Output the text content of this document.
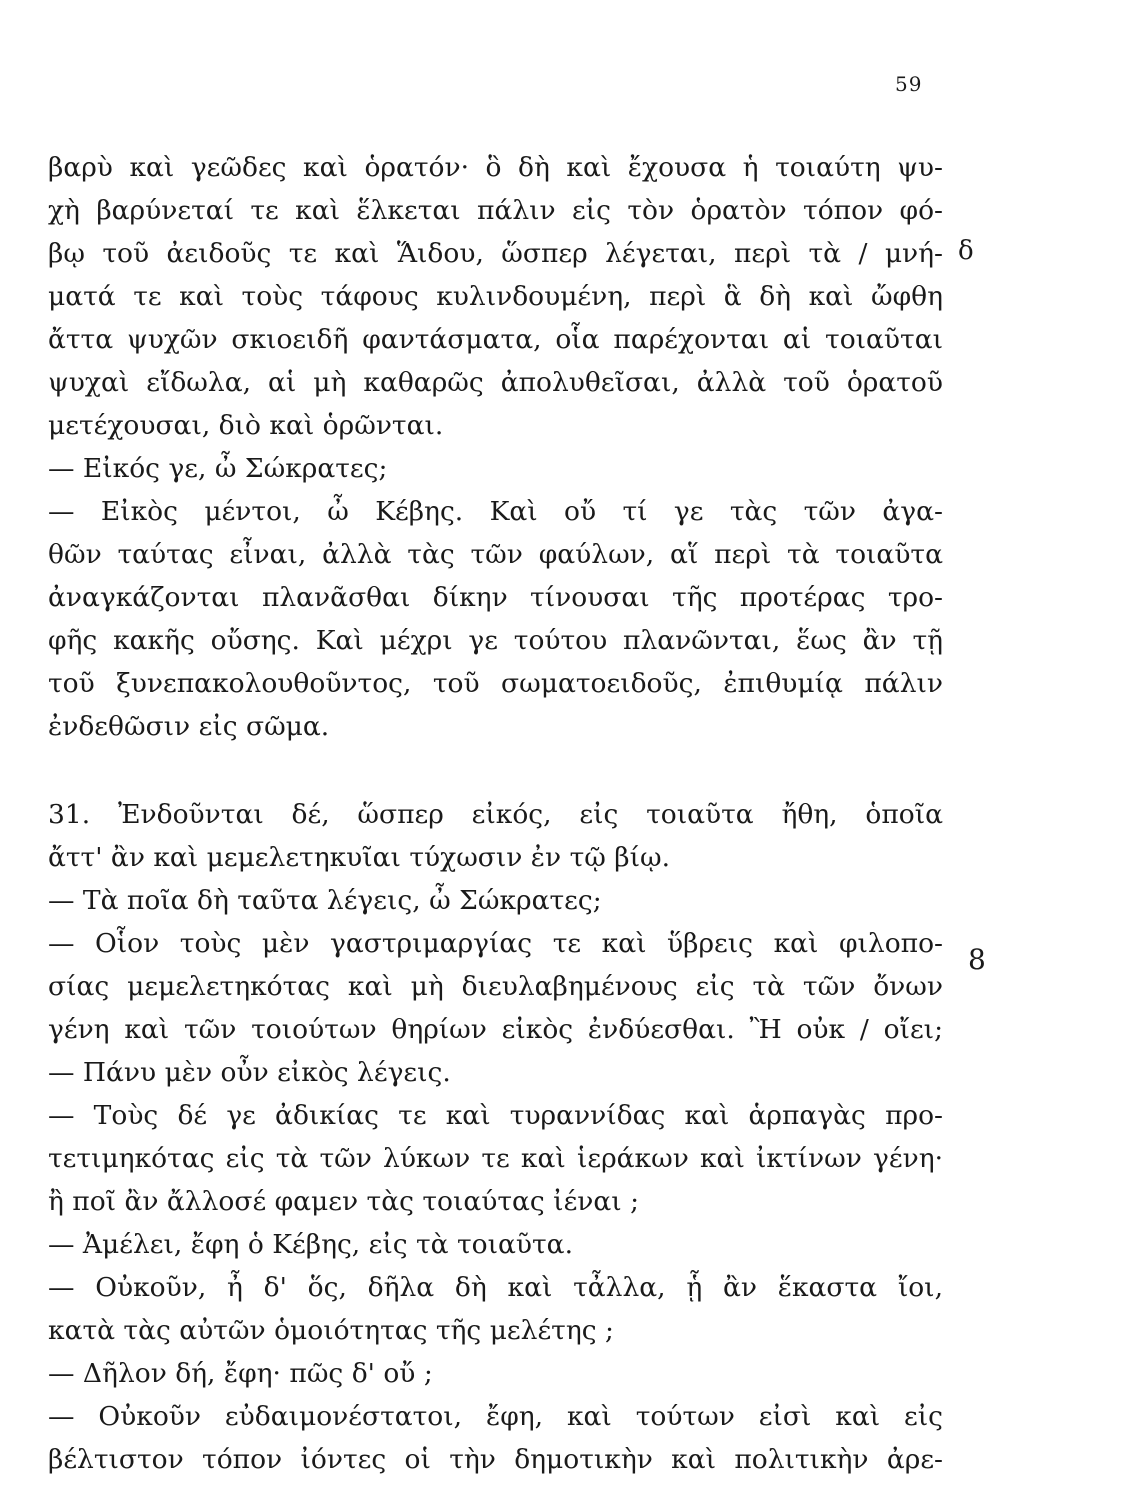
59
δ
8
βαρὺ καὶ γεῶδες καὶ ὁρατόν· ὃ δὴ καὶ ἔχουσα ἡ τοιαύτη ψυ-
χὴ βαρύνεταί τε καὶ ἕλκεται πάλιν εἰς τὸν ὁρατὸν τόπον φό-
βῳ τοῦ ἀειδοῦς τε καὶ Ἅιδου, ὥσπερ λέγεται, περὶ τὰ / μνή-
ματά τε καὶ τοὺς τάφους κυλινδουμένη, περὶ ἃ δὴ καὶ ὤφθη
ἄττα ψυχῶν σκιοειδῆ φαντάσματα, οἷα παρέχονται αἱ τοιαῦται
ψυχαὶ εἴδωλα, αἱ μὴ καθαρῶς ἀπολυθεῖσαι, ἀλλὰ τοῦ ὁρατοῦ
μετέχουσαι, διὸ καὶ ὁρῶνται.
— Εἰκός γε, ὦ Σώκρατες;
— Εἰκὸς μέντοι, ὦ Κέβης. Καὶ οὔ τί γε τὰς τῶν ἀγα-
θῶν ταύτας εἶναι, ἀλλὰ τὰς τῶν φαύλων, αἵ περὶ τὰ τοιαῦτα
ἀναγκάζονται πλανᾶσθαι δίκην τίνουσαι τῆς προτέρας τρο-
φῆς κακῆς οὔσης. Καὶ μέχρι γε τούτου πλανῶνται, ἕως ἂν τῇ
τοῦ ξυνεπακολουθοῦντος, τοῦ σωματοειδοῦς, ἐπιθυμίᾳ πάλιν
ἐνδεθῶσιν εἰς σῶμα.
31. Ἐνδοῦνται δέ, ὥσπερ εἰκός, εἰς τοιαῦτα ἤθη, ὁποῖα
ἄττ' ἂν καὶ μεμελετηκυῖαι τύχωσιν ἐν τῷ βίῳ.
— Τὰ ποῖα δὴ ταῦτα λέγεις, ὦ Σώκρατες;
— Οἷον τοὺς μὲν γαστριμαργίας τε καὶ ὕβρεις καὶ φιλοπο-
σίας μεμελετηκότας καὶ μὴ διευλαβημένους εἰς τὰ τῶν ὄνων
γένη καὶ τῶν τοιούτων θηρίων εἰκὸς ἐνδύεσθαι. Ἢ οὐκ / οἴει;
— Πάνυ μὲν οὖν εἰκὸς λέγεις.
— Τοὺς δέ γε ἀδικίας τε καὶ τυραννίδας καὶ ἁρπαγὰς προ-
τετιμηκότας εἰς τὰ τῶν λύκων τε καὶ ἱεράκων καὶ ἰκτίνων γένη·
ἢ ποῖ ἂν ἄλλοσέ φαμεν τὰς τοιαύτας ἰέναι ;
— Ἀμέλει, ἔφη ὁ Κέβης, εἰς τὰ τοιαῦτα.
— Οὐκοῦν, ἦ δ' ὅς, δῆλα δὴ καὶ τἆλλα, ᾗ ἂν ἕκαστα ἴοι,
κατὰ τὰς αὐτῶν ὁμοιότητας τῆς μελέτης ;
— Δῆλον δή, ἔφη· πῶς δ' οὔ ;
— Οὐκοῦν εὐδαιμονέστατοι, ἔφη, καὶ τούτων εἰσὶ καὶ εἰς
βέλτιστον τόπον ἰόντες οἱ τὴν δημοτικὴν καὶ πολιτικὴν ἀρε-
